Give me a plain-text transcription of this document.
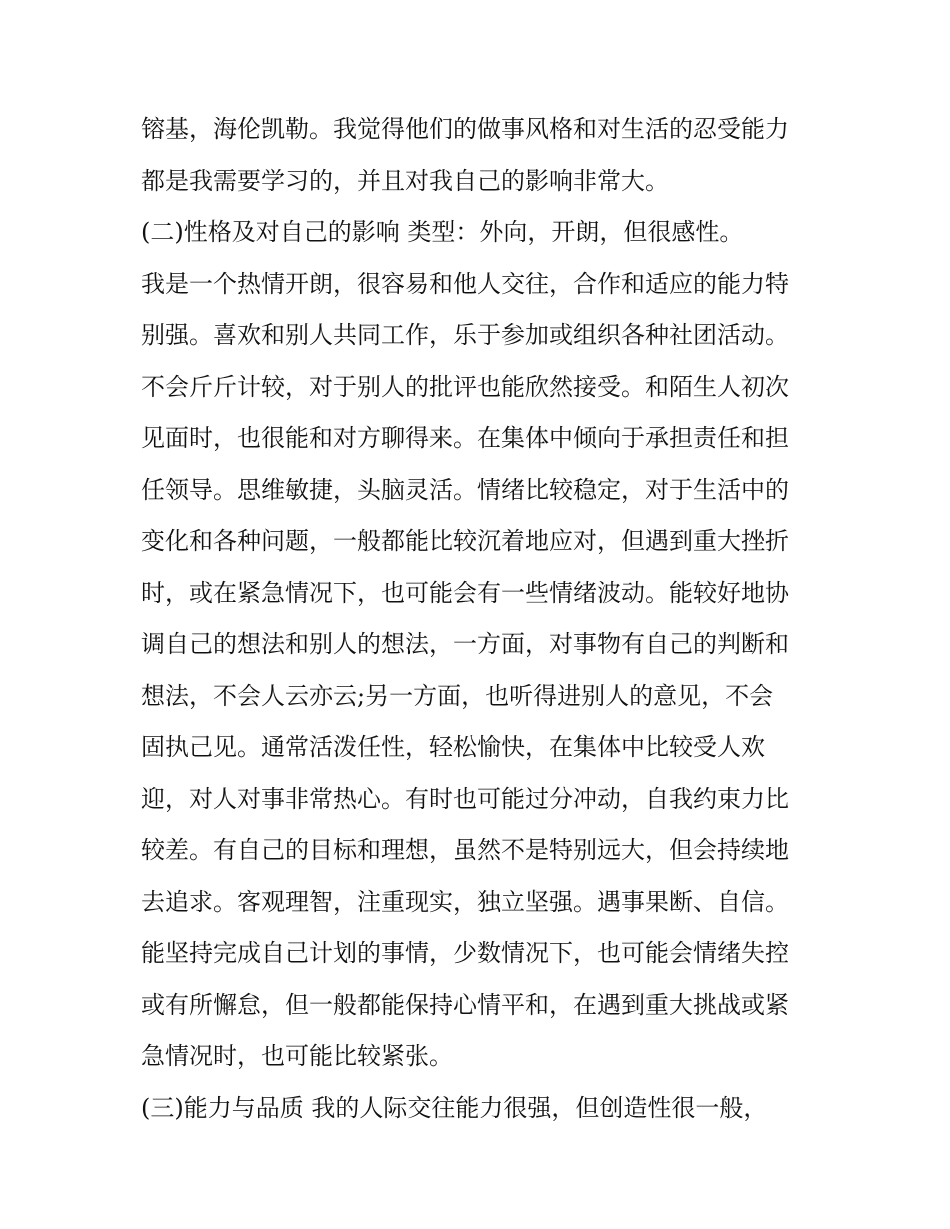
镕基，海伦凯勒。我觉得他们的做事风格和对生活的忍受能力
都是我需要学习的，并且对我自己的影响非常大。
(二)性格及对自己的影响 类型：外向，开朗，但很感性。
我是一个热情开朗，很容易和他人交往，合作和适应的能力特
别强。喜欢和别人共同工作，乐于参加或组织各种社团活动。
不会斤斤计较，对于别人的批评也能欣然接受。和陌生人初次
见面时，也很能和对方聊得来。在集体中倾向于承担责任和担
任领导。思维敏捷，头脑灵活。情绪比较稳定，对于生活中的
变化和各种问题，一般都能比较沉着地应对，但遇到重大挫折
时，或在紧急情况下，也可能会有一些情绪波动。能较好地协
调自己的想法和别人的想法，一方面，对事物有自己的判断和
想法，不会人云亦云;另一方面，也听得进别人的意见，不会
固执己见。通常活泼任性，轻松愉快，在集体中比较受人欢
迎，对人对事非常热心。有时也可能过分冲动，自我约束力比
较差。有自己的目标和理想，虽然不是特别远大，但会持续地
去追求。客观理智，注重现实，独立坚强。遇事果断、自信。
能坚持完成自己计划的事情，少数情况下，也可能会情绪失控
或有所懈怠，但一般都能保持心情平和，在遇到重大挑战或紧
急情况时，也可能比较紧张。
(三)能力与品质 我的人际交往能力很强，但创造性很一般，
